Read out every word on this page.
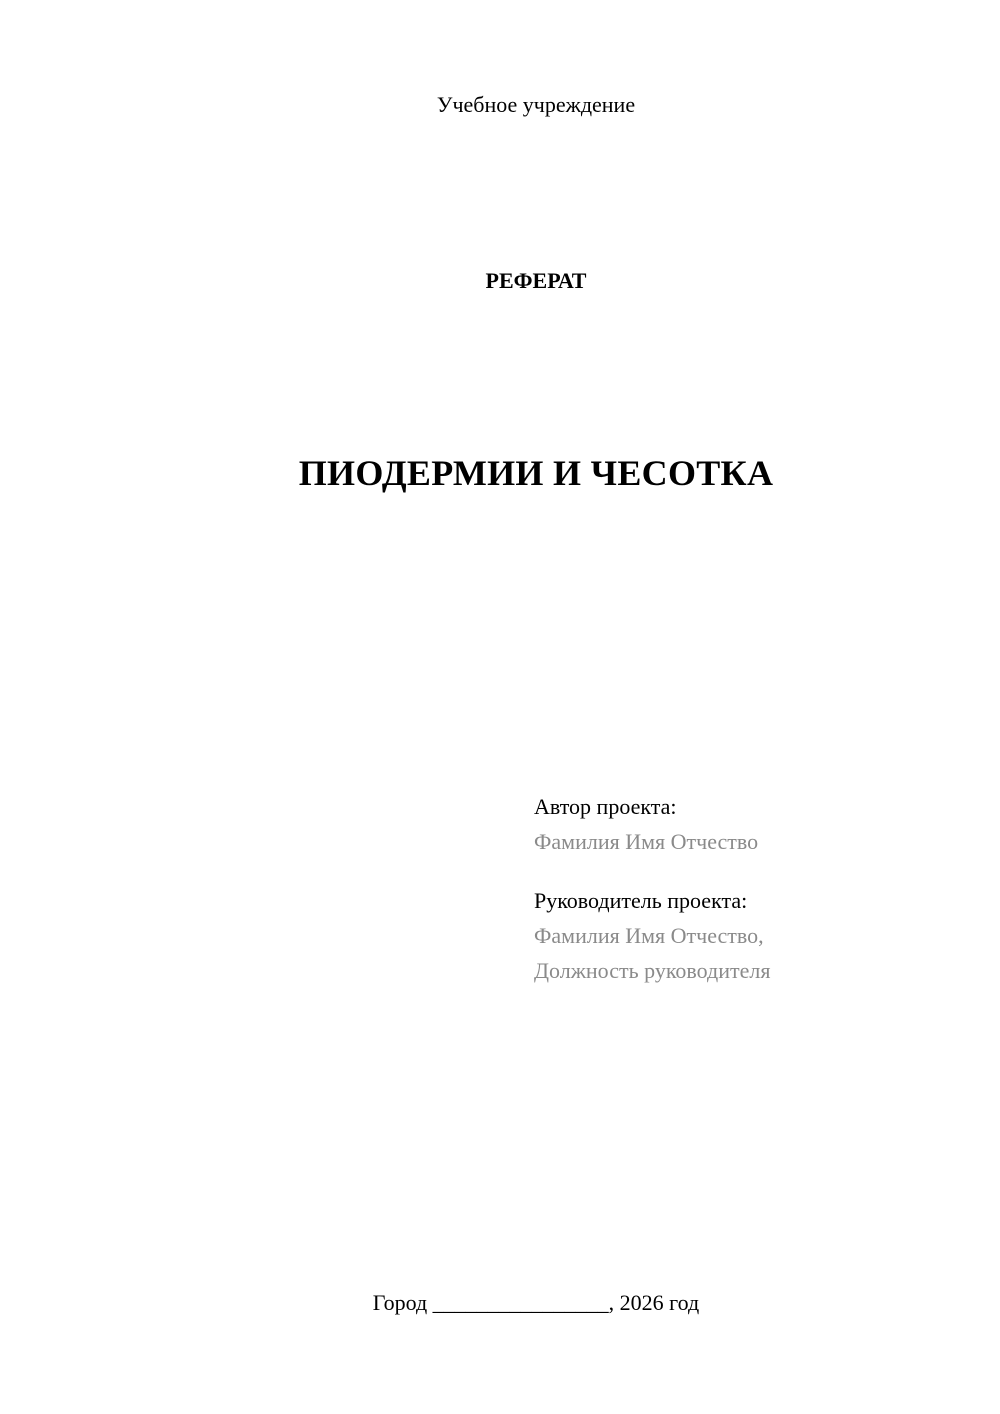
Учебное учреждение

РЕФЕРАТ

ПИОДЕРМИИ И ЧЕСОТКА
Автор проекта:
Фамилия Имя Отчество
Руководитель проекта:
Фамилия Имя Отчество,
Должность руководителя

Город ________________, 2026 год
